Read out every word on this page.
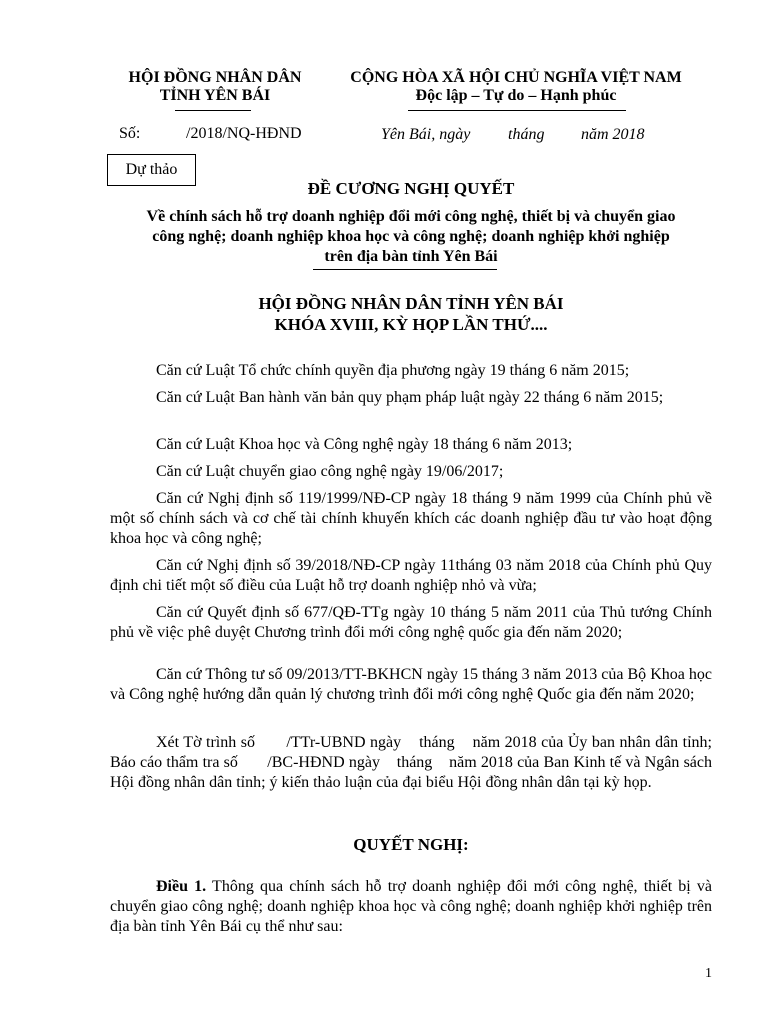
HỘI ĐỒNG NHÂN DÂN
TỈNH YÊN BÁI
CỘNG HÒA XÃ HỘI CHỦ NGHĨA VIỆT NAM
Độc lập – Tự do – Hạnh phúc
Số:	/2018/NQ-HĐND	Yên Bái, ngày tháng năm 2018
Dự thảo
ĐỀ CƯƠNG NGHỊ QUYẾT
Về chính sách hỗ trợ doanh nghiệp đổi mới công nghệ, thiết bị và chuyển giao
công nghệ; doanh nghiệp khoa học và công nghệ; doanh nghiệp khởi nghiệp
trên địa bàn tỉnh Yên Bái
HỘI ĐỒNG NHÂN DÂN TỈNH YÊN BÁI
KHÓA XVIII, KỲ HỌP LẦN THỨ....
Căn cứ Luật Tổ chức chính quyền địa phương ngày 19 tháng 6 năm 2015;
Căn cứ Luật Ban hành văn bản quy phạm pháp luật ngày 22 tháng 6 năm 2015;
Căn cứ Luật Khoa học và Công nghệ ngày 18 tháng 6 năm 2013;
Căn cứ Luật chuyển giao công nghệ ngày 19/06/2017;
Căn cứ Nghị định số 119/1999/NĐ-CP ngày 18 tháng 9 năm 1999 của Chính phủ về một số chính sách và cơ chế tài chính khuyến khích các doanh nghiệp đầu tư vào hoạt động khoa học và công nghệ;
Căn cứ Nghị định số 39/2018/NĐ-CP ngày 11tháng 03 năm 2018 của Chính phủ Quy định chi tiết một số điều của Luật hỗ trợ doanh nghiệp nhỏ và vừa;
Căn cứ Quyết định số 677/QĐ-TTg ngày 10 tháng 5 năm 2011 của Thủ tướng Chính phủ về việc phê duyệt Chương trình đổi mới công nghệ quốc gia đến năm 2020;
Căn cứ Thông tư số 09/2013/TT-BKHCN ngày 15 tháng 3 năm 2013 của Bộ Khoa học và Công nghệ hướng dẫn quản lý chương trình đổi mới công nghệ Quốc gia đến năm 2020;
Xét Tờ trình số       /TTr-UBND ngày    tháng    năm 2018 của Ủy ban nhân dân tỉnh; Báo cáo thẩm tra số       /BC-HĐND ngày    tháng    năm 2018 của Ban Kinh tế và Ngân sách Hội đồng nhân dân tỉnh; ý kiến thảo luận của đại biểu Hội đồng nhân dân tại kỳ họp.
QUYẾT NGHỊ:
Điều 1. Thông qua chính sách hỗ trợ doanh nghiệp đổi mới công nghệ, thiết bị và chuyển giao công nghệ; doanh nghiệp khoa học và công nghệ; doanh nghiệp khởi nghiệp trên địa bàn tỉnh Yên Bái cụ thể như sau:
1
